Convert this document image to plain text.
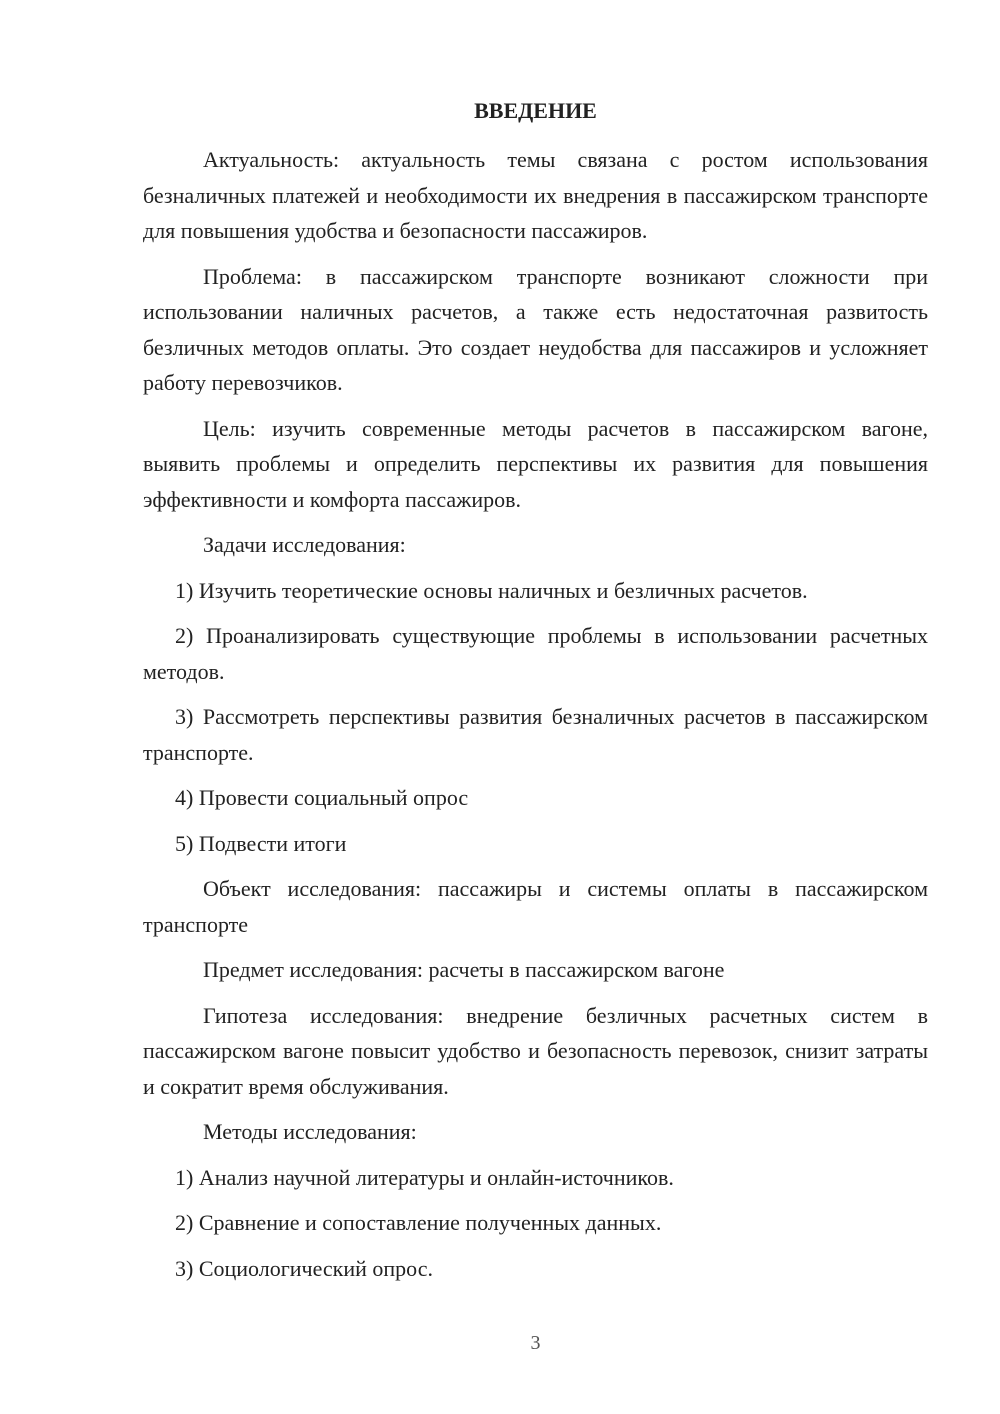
ВВЕДЕНИЕ

Актуальность: актуальность темы связана с ростом использования безналичных платежей и необходимости их внедрения в пассажирском транспорте для повышения удобства и безопасности пассажиров.

Проблема: в пассажирском транспорте возникают сложности при использовании наличных расчетов, а также есть недостаточная развитость безличных методов оплаты. Это создает неудобства для пассажиров и усложняет работу перевозчиков.

Цель: изучить современные методы расчетов в пассажирском вагоне, выявить проблемы и определить перспективы их развития для повышения эффективности и комфорта пассажиров.

Задачи исследования:

1) Изучить теоретические основы наличных и безличных расчетов.

2) Проанализировать существующие проблемы в использовании расчетных методов.

3) Рассмотреть перспективы развития безналичных расчетов в пассажирском транспорте.

4) Провести социальный опрос

5) Подвести итоги

Объект исследования: пассажиры и системы оплаты в пассажирском транспорте

Предмет исследования: расчеты в пассажирском вагоне

Гипотеза исследования: внедрение безличных расчетных систем в пассажирском вагоне повысит удобство и безопасность перевозок, снизит затраты и сократит время обслуживания.

Методы исследования:

1) Анализ научной литературы и онлайн-источников.

2) Сравнение и сопоставление полученных данных.

3) Социологический опрос.

3
